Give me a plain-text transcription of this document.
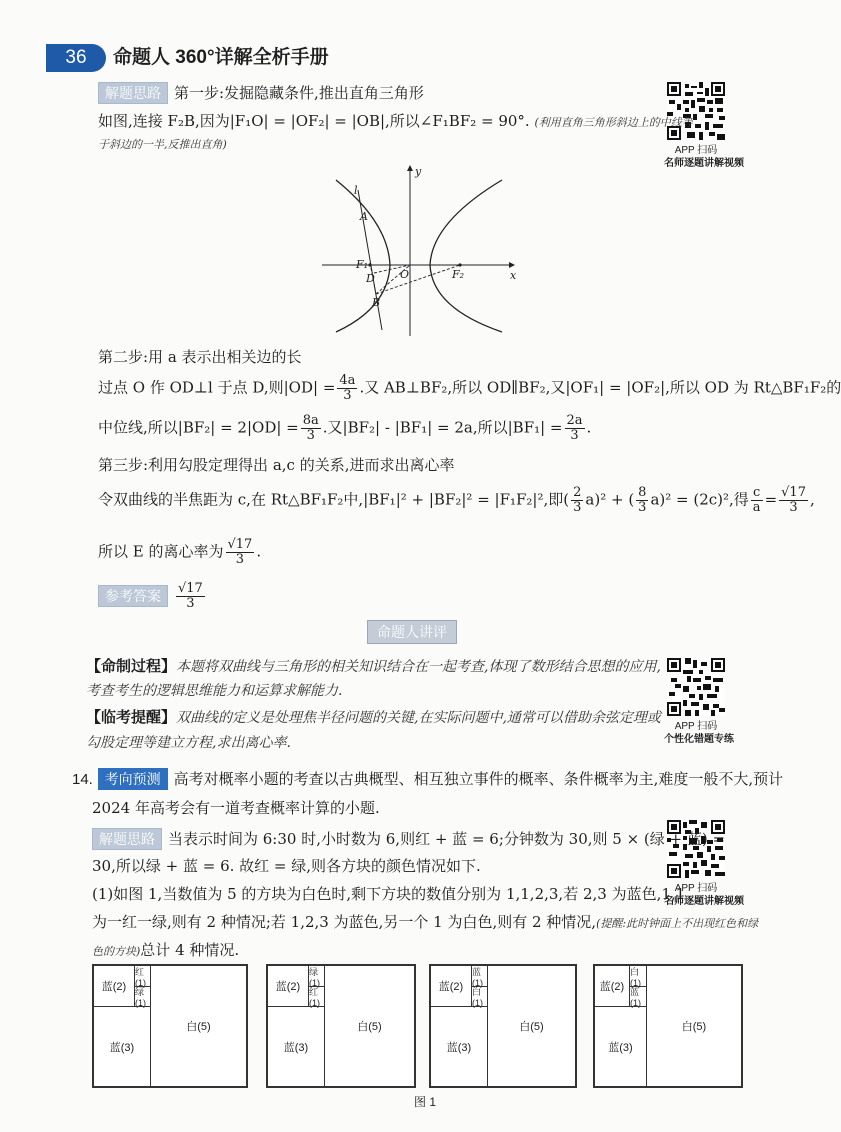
36	命题人 360°详解全析手册
APP 扫码
名师逐题讲解视频
APP 扫码
个性化错题专练
APP 扫码
名师逐题讲解视频
解题思路 第一步:发掘隐藏条件,推出直角三角形
如图,连接 F₂B,因为|F₁O| = |OF₂| = |OB|,所以∠F₁BF₂ = 90°. (利用直角三角形斜边上的中线等
于斜边的一半,反推出直角)
y
x
l
A
F₁
D
B
O	F₂
第二步:用 a 表示出相关边的长
过点 O 作 OD⊥l 于点 D,则$|OD| = \frac{4a}{3}$ .又 AB⊥BF₂,所以 OD∥BF₂,又|OF₁| = |OF₂|,所以 OD 为 Rt△BF₁F₂的
中位线,所以$|BF_2| = 2|OD| = \frac{8a}{3}$ .又|BF₂| - |BF₁| = 2a,所以$|BF_1| = \frac{2a}{3}$ .
第三步:利用勾股定理得出 a,c 的关系,进而求出离心率
令双曲线的半焦距为 c,在 Rt△BF₁F₂中,|BF₁|² + |BF₂|² = |F₁F₂|²,即( $\frac{2}{3} a)^2$ + ( $\frac{8}{3} a)^2 = (2c)^2$,得 $\frac{c}{a} = \frac{√17}{3}$ ,
所以 E 的离心率为 $\frac{√17}{3}$ .
参考答案 $\frac{√17}{3}$
命题人讲评
【命制过程】本题将双曲线与三角形的相关知识结合在一起考查,体现了数形结合思想的应用,
考查考生的逻辑思维能力和运算求解能力.
【临考提醒】双曲线的定义是处理焦半径问题的关键,在实际问题中,通常可以借助余弦定理或
勾股定理等建立方程,求出离心率.
14. 考向预测 高考对概率小题的考查以古典概型、相互独立事件的概率、条件概率为主,难度一般不大,预计
2024 年高考会有一道考查概率计算的小题.
解题思路 当表示时间为 6:30 时,小时数为 6,则红 + 蓝 = 6;分钟数为 30,则 5 × (绿 + 蓝) =
30,所以绿 + 蓝 = 6. 故红 = 绿,则各方块的颜色情况如下.
(1)如图 1,当数值为 5 的方块为白色时,剩下方块的数值分别为 1,1,2,3,若 2,3 为蓝色,1,1
为一红一绿,则有 2 种情况;若 1,2,3 为蓝色,另一个 1 为白色,则有 2 种情况,(提醒:此时钟面上不出现红色和绿
色的方块)总计 4 种情况.
蓝(2)
红(1)
绿(1)
蓝(3)
白(5)
蓝(2)
绿(1)
红(1)
蓝(3)
白(5)
蓝(2)
蓝(1)
白(1)
蓝(3)
白(5)
蓝(2)
白(1)
蓝(1)
蓝(3)
白(5)
图 1
